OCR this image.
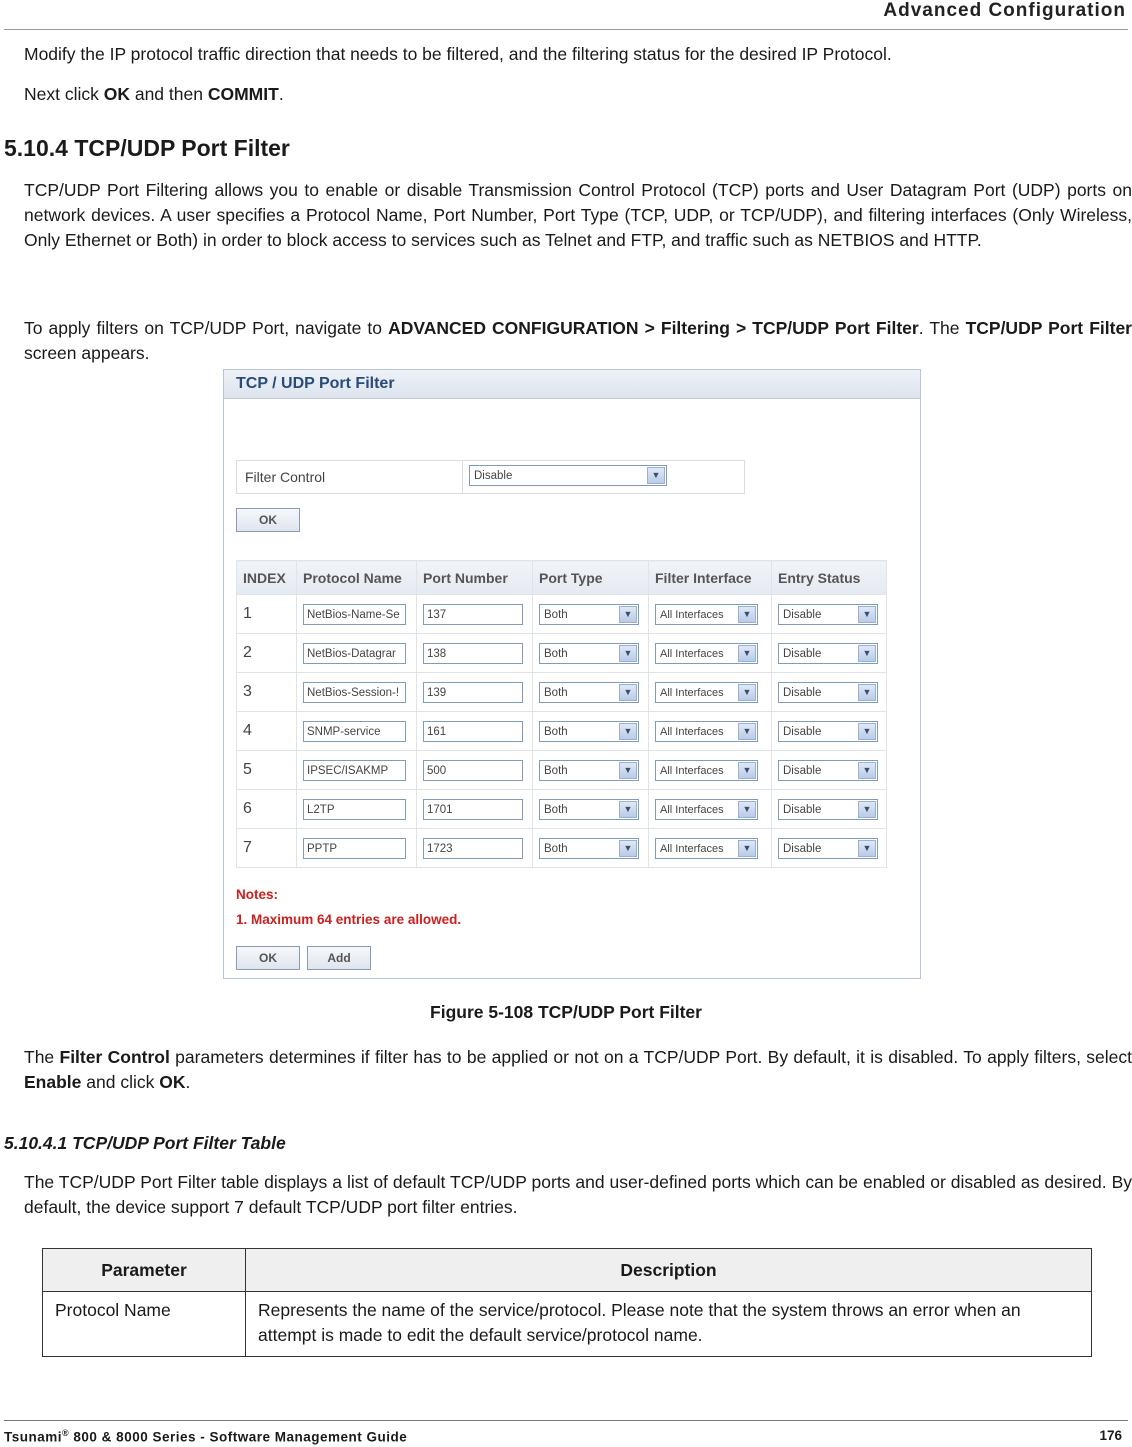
Advanced Configuration
Modify the IP protocol traffic direction that needs to be filtered, and the filtering status for the desired IP Protocol.
Next click OK and then COMMIT.
5.10.4 TCP/UDP Port Filter
TCP/UDP Port Filtering allows you to enable or disable Transmission Control Protocol (TCP) ports and User Datagram Port (UDP) ports on network devices. A user specifies a Protocol Name, Port Number, Port Type (TCP, UDP, or TCP/UDP), and filtering interfaces (Only Wireless, Only Ethernet or Both) in order to block access to services such as Telnet and FTP, and traffic such as NETBIOS and HTTP.
To apply filters on TCP/UDP Port, navigate to ADVANCED CONFIGURATION > Filtering > TCP/UDP Port Filter. The TCP/UDP Port Filter screen appears.
TCP / UDP Port Filter
Filter Control	Disable	▼
OK
INDEX	Protocol Name	Port Number	Port Type	Filter Interface	Entry Status
1	NetBios-Name-Se	137	Both ▼	All Interfaces ▼	Disable ▼

2	NetBios-Datagrar	138	Both ▼	All Interfaces ▼	Disable ▼

3	NetBios-Session-!	139	Both ▼	All Interfaces ▼	Disable ▼

4	SNMP-service	161	Both ▼	All Interfaces ▼	Disable ▼

5	IPSEC/ISAKMP	500	Both ▼	All Interfaces ▼	Disable ▼

6	L2TP	1701	Both ▼	All Interfaces ▼	Disable ▼

7	PPTP	1723	Both ▼	All Interfaces ▼	Disable ▼
Notes:
1. Maximum 64 entries are allowed.
OK	Add
Figure 5-108 TCP/UDP Port Filter
The Filter Control parameters determines if filter has to be applied or not on a TCP/UDP Port. By default, it is disabled. To apply filters, select Enable and click OK.
5.10.4.1 TCP/UDP Port Filter Table
The TCP/UDP Port Filter table displays a list of default TCP/UDP ports and user-defined ports which can be enabled or disabled as desired. By default, the device support 7 default TCP/UDP port filter entries.
Parameter	Description
Protocol Name	Represents the name of the service/protocol. Please note that the system throws an error when an attempt is made to edit the default service/protocol name.
Tsunami® 800 & 8000 Series - Software Management Guide	176
